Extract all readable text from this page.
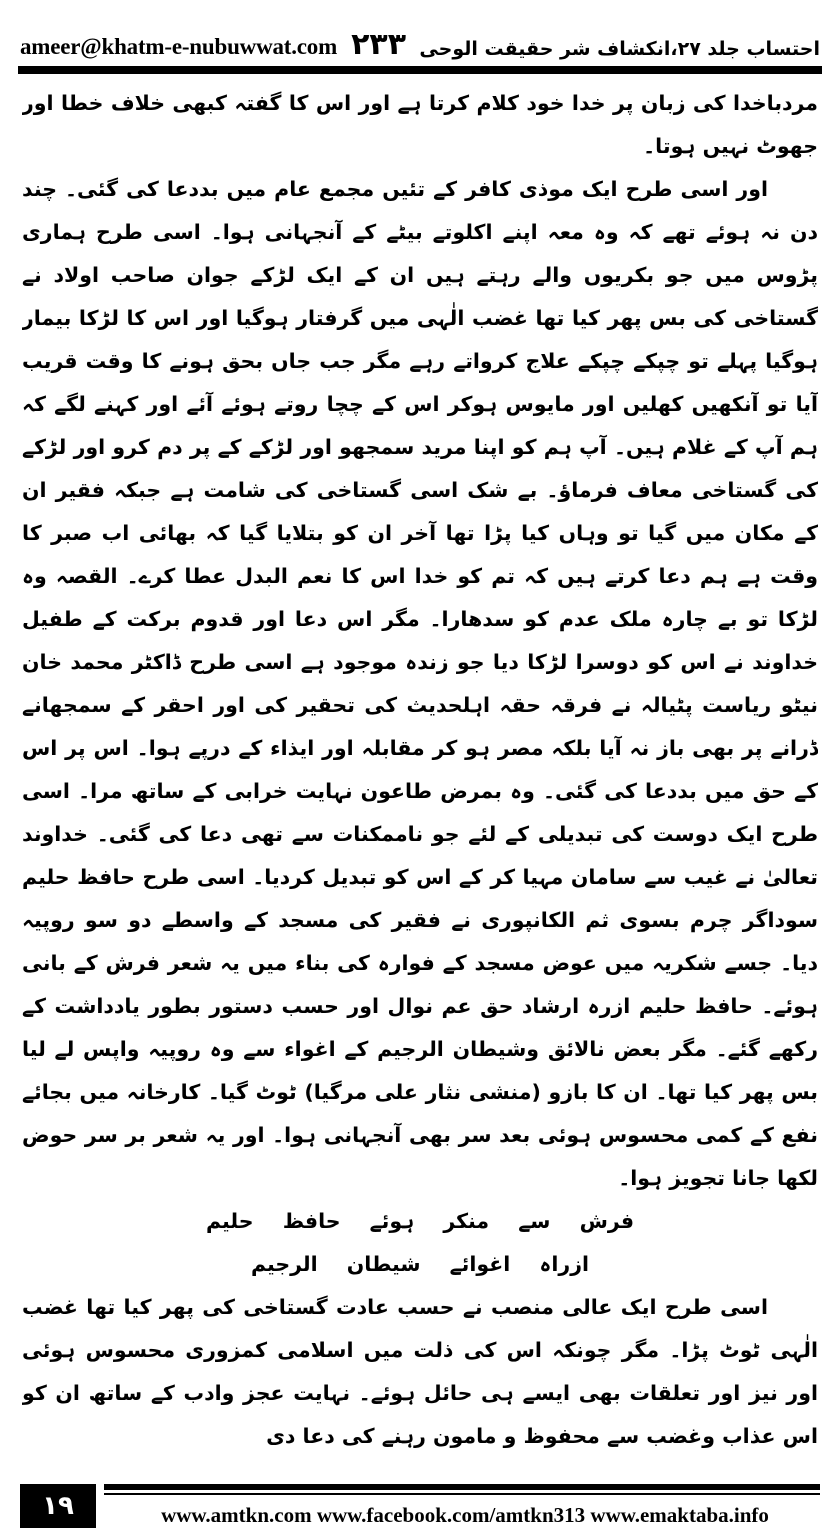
ameer@khatm-e-nubuwwat.com ۲۳۳ احتساب جلد ۲۷،انکشاف شر حقیقت الوحی

مردباخدا کی زبان پر خدا خود کلام کرتا ہے اور اس کا گفتہ کبھی خلاف خطا اور جھوٹ نہیں ہوتا۔

اور اسی طرح ایک موذی کافر کے تئیں مجمع عام میں بددعا کی گئی۔ چند دن نہ ہوئے تھے کہ وہ معہ اپنے اکلوتے بیٹے کے آنجہانی ہوا۔ اسی طرح ہماری پڑوس میں جو بکریوں والے رہتے ہیں ان کے ایک لڑکے جوان صاحب اولاد نے گستاخی کی بس پھر کیا تھا غضب الٰہی میں گرفتار ہوگیا اور اس کا لڑکا بیمار ہوگیا پہلے تو چپکے چپکے علاج کرواتے رہے مگر جب جاں بحق ہونے کا وقت قریب آیا تو آنکھیں کھلیں اور مایوس ہوکر اس کے چچا روتے ہوئے آئے اور کہنے لگے کہ ہم آپ کے غلام ہیں۔ آپ ہم کو اپنا مرید سمجھو اور لڑکے کے پر دم کرو اور لڑکے کی گستاخی معاف فرماؤ۔ بے شک اسی گستاخی کی شامت ہے جبکہ فقیر ان کے مکان میں گیا تو وہاں کیا پڑا تھا آخر ان کو بتلایا گیا کہ بھائی اب صبر کا وقت ہے ہم دعا کرتے ہیں کہ تم کو خدا اس کا نعم البدل عطا کرے۔ القصہ وہ لڑکا تو بے چارہ ملک عدم کو سدھارا۔ مگر اس دعا اور قدوم برکت کے طفیل خداوند نے اس کو دوسرا لڑکا دیا جو زندہ موجود ہے اسی طرح ڈاکٹر محمد خان نیٹو ریاست پٹیالہ نے فرقہ حقہ اہلحدیث کی تحقیر کی اور احقر کے سمجھانے ڈرانے پر بھی باز نہ آیا بلکہ مصر ہو کر مقابلہ اور ایذاء کے درپے ہوا۔ اس پر اس کے حق میں بددعا کی گئی۔ وہ بمرض طاعون نہایت خرابی کے ساتھ مرا۔ اسی طرح ایک دوست کی تبدیلی کے لئے جو ناممکنات سے تھی دعا کی گئی۔ خداوند تعالیٰ نے غیب سے سامان مہیا کر کے اس کو تبدیل کردیا۔ اسی طرح حافظ حلیم سوداگر چرم بسوی ثم الکانپوری نے فقیر کی مسجد کے واسطے دو سو روپیہ دیا۔ جسے شکریہ میں عوض مسجد کے فوارہ کی بناء میں یہ شعر فرش کے بانی ہوئے۔ حافظ حلیم ازرہ ارشاد حق عم نوال اور حسب دستور بطور یادداشت کے رکھے گئے۔ مگر بعض نالائق وشیطان الرجیم کے اغواء سے وہ روپیہ واپس لے لیا بس پھر کیا تھا۔ ان کا بازو (منشی نثار علی مرگیا) ٹوٹ گیا۔ کارخانہ میں بجائے نفع کے کمی محسوس ہوئی بعد سر بھی آنجہانی ہوا۔ اور یہ شعر بر سر حوض لکھا جانا تجویز ہوا۔

فرش سے منکر ہوئے حافظ حلیم

ازراہ اغوائے شیطان الرجیم

اسی طرح ایک عالی منصب نے حسب عادت گستاخی کی پھر کیا تھا غضب الٰہی ٹوٹ پڑا۔ مگر چونکہ اس کی ذلت میں اسلامی کمزوری محسوس ہوئی اور نیز اور تعلقات بھی ایسے ہی حائل ہوئے۔ نہایت عجز وادب کے ساتھ ان کو اس عذاب وغضب سے محفوظ و مامون رہنے کی دعا دی

۱۹	www.amtkn.com www.facebook.com/amtkn313 www.emaktaba.info
